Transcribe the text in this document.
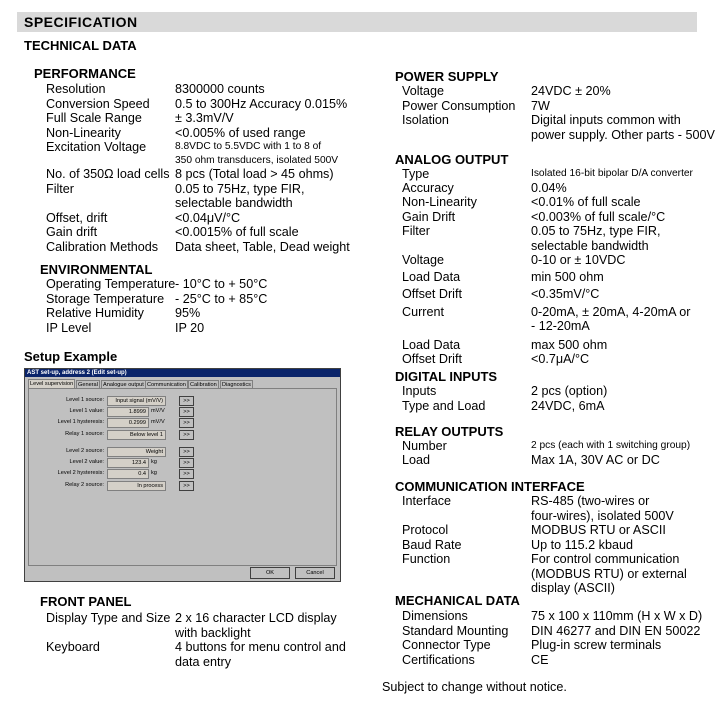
SPECIFICATION
TECHNICAL DATA
PERFORMANCE
Resolution	8300000 counts
Conversion Speed 0.5 to 300Hz Accuracy 0.015%
Full Scale Range	± 3.3mV/V
Non-Linearity	<0.005% of used range
Excitation Voltage	8.8VDC to 5.5VDC with 1 to 8 of
350 ohm transducers, isolated 500V
No. of 350Ω load cells 8 pcs (Total load > 45 ohms)
Filter	0.05 to 75Hz, type FIR,
selectable bandwidth
Offset, drift	<0.04μV/°C
Gain drift	<0.0015% of full scale
Calibration Methods Data sheet, Table, Dead weight
ENVIRONMENTAL
Operating Temperature - 10°C to + 50°C
Storage Temperature - 25°C to + 85°C
Relative Humidity 95%
IP Level	IP 20
Setup Example
AST set-up, address 2 (Edit set-up)
Level supervision General Analogue output Communication Calibration Diagnostics
Level 1 source:	Input signal (mV/V)	>>
Level 1 value:	1.8999 mV/V	>>
Level 1 hysteresis:	0.2999 mV/V	>>
Relay 1 source:	Below level 1	>>
Level 2 source:	Weight	>>
Level 2 value:	123.4 kg	>>
Level 2 hysteresis:	0.4 kg	>>
Relay 2 source:	In process	>>
OK	Cancel
FRONT PANEL
Display Type and Size 2 x 16 character LCD display
with backlight
Keyboard	4 buttons for menu control and
data entry
POWER SUPPLY
Voltage	24VDC ± 20%
Power Consumption 7W
Isolation	Digital inputs common with
power supply. Other parts - 500V
ANALOG OUTPUT
Type	Isolated 16-bit bipolar D/A converter
Accuracy	0.04%
Non-Linearity	<0.01% of full scale
Gain Drift	<0.003% of full scale/°C
Filter	0.05 to 75Hz, type FIR,
selectable bandwidth
Voltage	0-10 or ± 10VDC
Load Data	min 500 ohm
Offset Drift	<0.35mV/°C
Current	0-20mA, ± 20mA, 4-20mA or
- 12-20mA
Load Data	max 500 ohm
Offset Drift	<0.7μA/°C
DIGITAL INPUTS
Inputs	2 pcs (option)
Type and Load	24VDC, 6mA
RELAY OUTPUTS
Number	2 pcs (each with 1 switching group)
Load	Max 1A, 30V AC or DC
COMMUNICATION INTERFACE
Interface	RS-485 (two-wires or
four-wires), isolated 500V
Protocol	MODBUS RTU or ASCII
Baud Rate	Up to 115.2 kbaud
Function	For control communication
(MODBUS RTU) or external
display (ASCII)
MECHANICAL DATA
Dimensions	75 x 100 x 110mm (H x W x D)
Standard Mounting DIN 46277 and DIN EN 50022
Connector Type	Plug-in screw terminals
Certifications	CE
Subject to change without notice.
